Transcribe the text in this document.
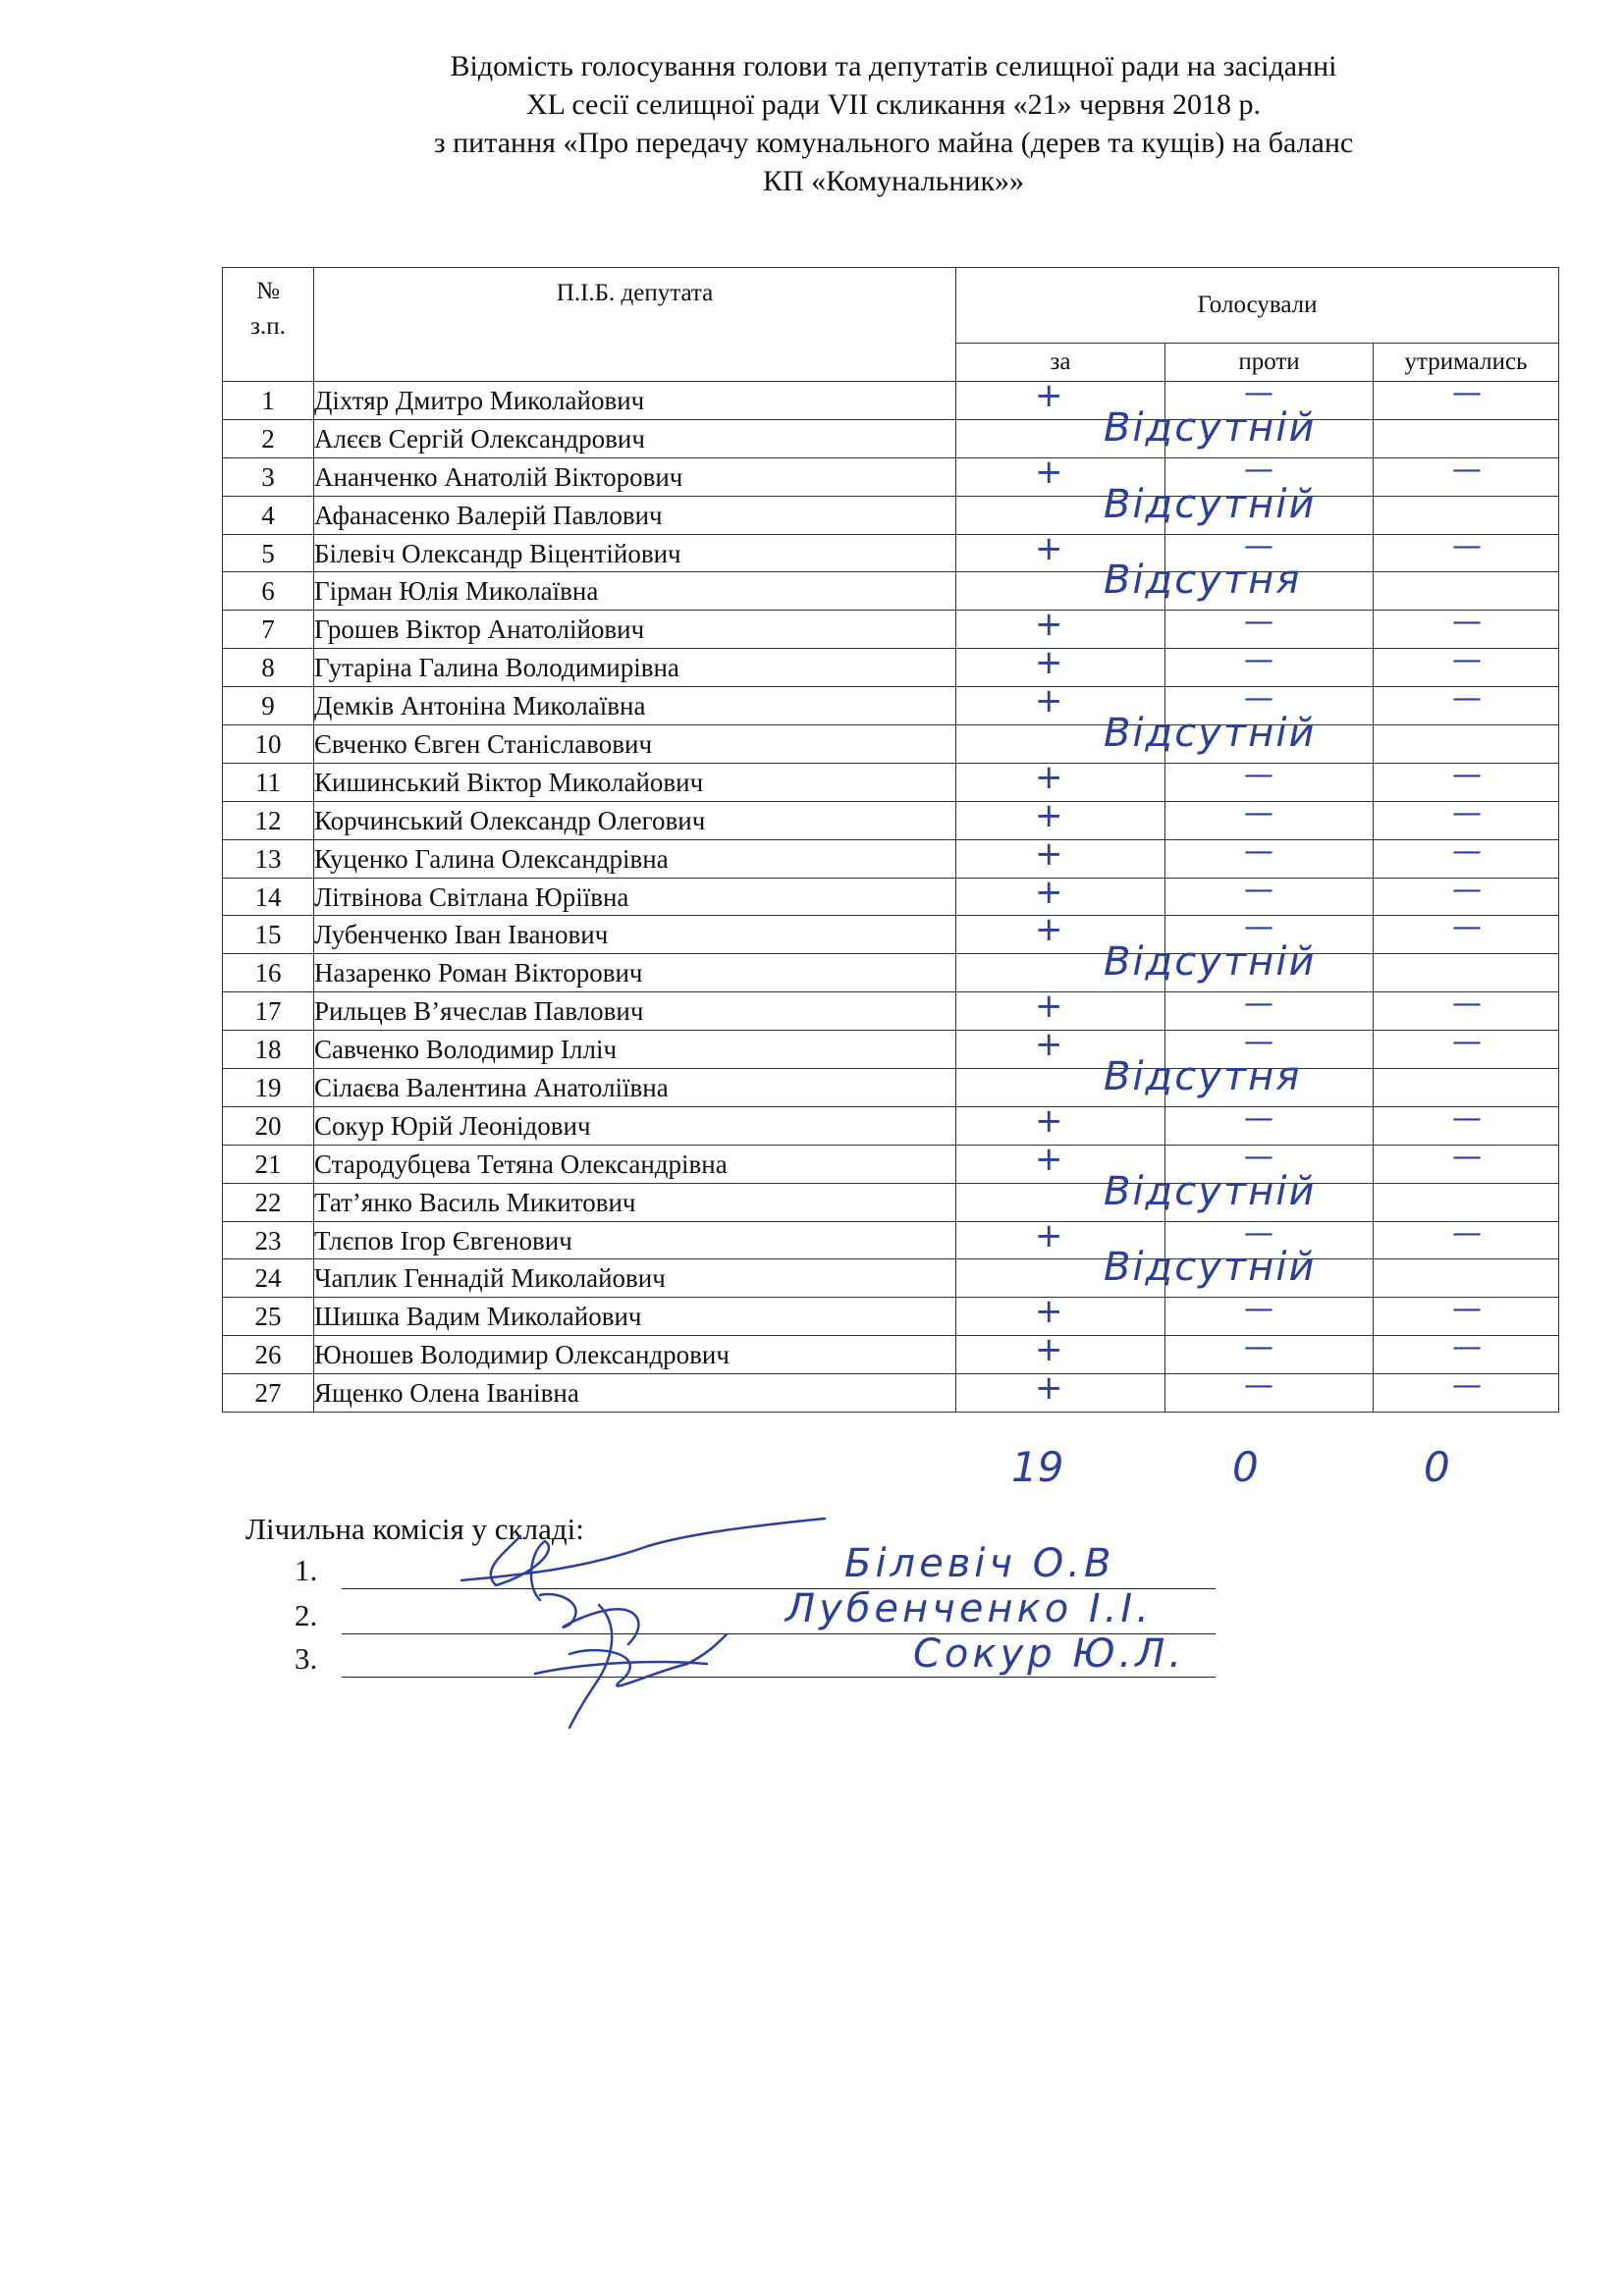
Відомість голосування голови та депутатів селищної ради на засіданні
XL сесії селищної ради VII скликання «21» червня 2018 р.
з питання «Про передачу комунального майна (дерев та кущів) на баланс
КП «Комунальник»»
№
з.п.	П.І.Б. депутата	Голосували		
		за	проти	утримались
1	Діхтяр Дмитро Миколайович	+	—	—

2	Алєєв Сергій Олександрович	Відсутній		

3	Ананченко Анатолій Вікторович	+	—	—

4	Афанасенко Валерій Павлович	Відсутній		

5	Білевіч Олександр Віцентійович	+	—	—

6	Гірман Юлія Миколаївна	Відсутня		

7	Грошев Віктор Анатолійович	+	—	—

8	Гутаріна Галина Володимирівна	+	—	—

9	Демків Антоніна Миколаївна	+	—	—

10	Євченко Євген Станіславович	Відсутній		

11	Кишинський Віктор Миколайович	+	—	—

12	Корчинський Олександр Олегович	+	—	—

13	Куценко Галина Олександрівна	+	—	—

14	Літвінова Світлана Юріївна	+	—	—

15	Лубенченко Іван Іванович	+	—	—

16	Назаренко Роман Вікторович	Відсутній		

17	Рильцев В’ячеслав Павлович	+	—	—

18	Савченко Володимир Ілліч	+	—	—

19	Сілаєва Валентина Анатоліївна	Відсутня		

20	Сокур Юрій Леонідович	+	—	—

21	Стародубцева Тетяна Олександрівна	+	—	—

22	Тат’янко Василь Микитович	Відсутній		

23	Тлєпов Ігор Євгенович	+	—	—

24	Чаплик Геннадій Миколайович	Відсутній		

25	Шишка Вадим Миколайович	+	—	—

26	Юношев Володимир Олександрович	+	—	—

27	Ященко Олена Іванівна	+	—	—
19	0	0
Лічильна комісія у складі:
1.	Білевіч О.В
2.	Лубенченко І.І.
3.	Сокур Ю.Л.
